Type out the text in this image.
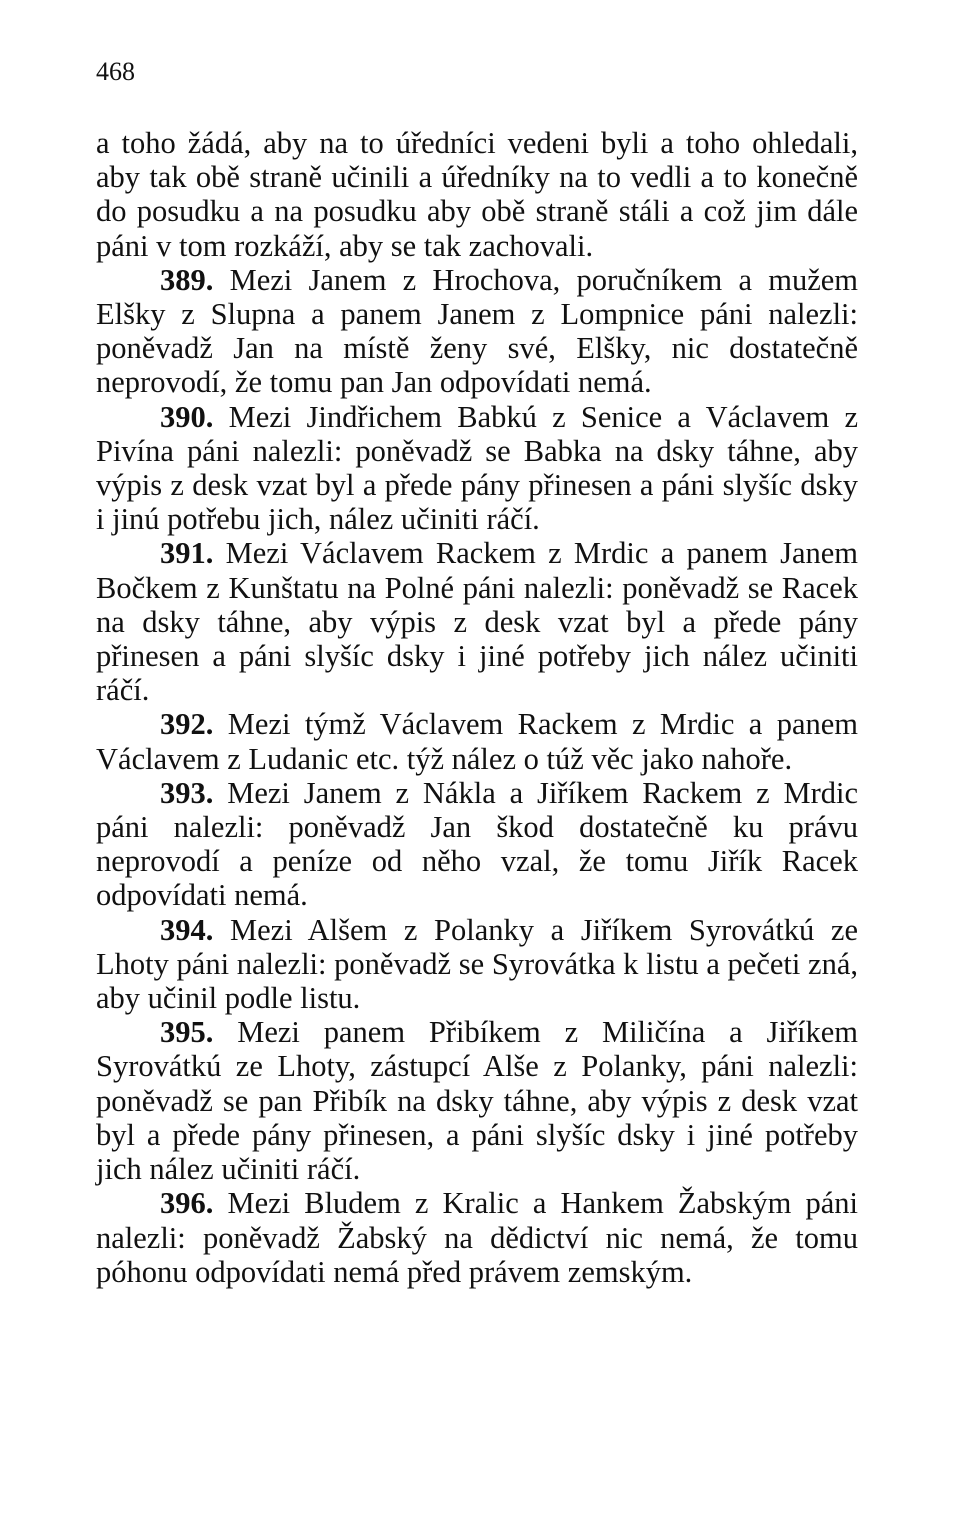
468

a toho žádá, aby na to úředníci vedeni byli a toho ohledali, aby tak obě straně učinili a úředníky na to vedli a to konečně do posudku a na posudku aby obě straně stáli a což jim dále páni v tom rozkáží, aby se tak zachovali.

389. Mezi Janem z Hrochova, poručníkem a mužem Elšky z Slupna a panem Janem z Lompnice páni nalezli: poněvadž Jan na místě ženy své, Elšky, nic dostatečně neprovodí, že tomu pan Jan odpovídati nemá.

390. Mezi Jindřichem Babkú z Senice a Václavem z Pivína páni nalezli: poněvadž se Babka na dsky táhne, aby výpis z desk vzat byl a přede pány přinesen a páni slyšíc dsky i jinú potřebu jich, nález učiniti ráčí.

391. Mezi Václavem Rackem z Mrdic a panem Janem Bočkem z Kunštatu na Polné páni nalezli: poněvadž se Racek na dsky táhne, aby výpis z desk vzat byl a přede pány přinesen a páni slyšíc dsky i jiné potřeby jich nález učiniti ráčí.

392. Mezi týmž Václavem Rackem z Mrdic a panem Václavem z Ludanic etc. týž nález o túž věc jako nahoře.

393. Mezi Janem z Nákla a Jiříkem Rackem z Mrdic páni nalezli: poněvadž Jan škod dostatečně ku právu neprovodí a peníze od něho vzal, že tomu Jiřík Racek odpovídati nemá.

394. Mezi Alšem z Polanky a Jiříkem Syrovátkú ze Lhoty páni nalezli: poněvadž se Syrovátka k listu a pečeti zná, aby učinil podle listu.

395. Mezi panem Přibíkem z Miličína a Jiříkem Syrovátkú ze Lhoty, zástupcí Alše z Polanky, páni nalezli: poněvadž se pan Přibík na dsky táhne, aby výpis z desk vzat byl a přede pány přinesen, a páni slyšíc dsky i jiné potřeby jich nález učiniti ráčí.

396. Mezi Bludem z Kralic a Hankem Žabským páni nalezli: poněvadž Žabský na dědictví nic nemá, že tomu póhonu odpovídati nemá před právem zemským.
